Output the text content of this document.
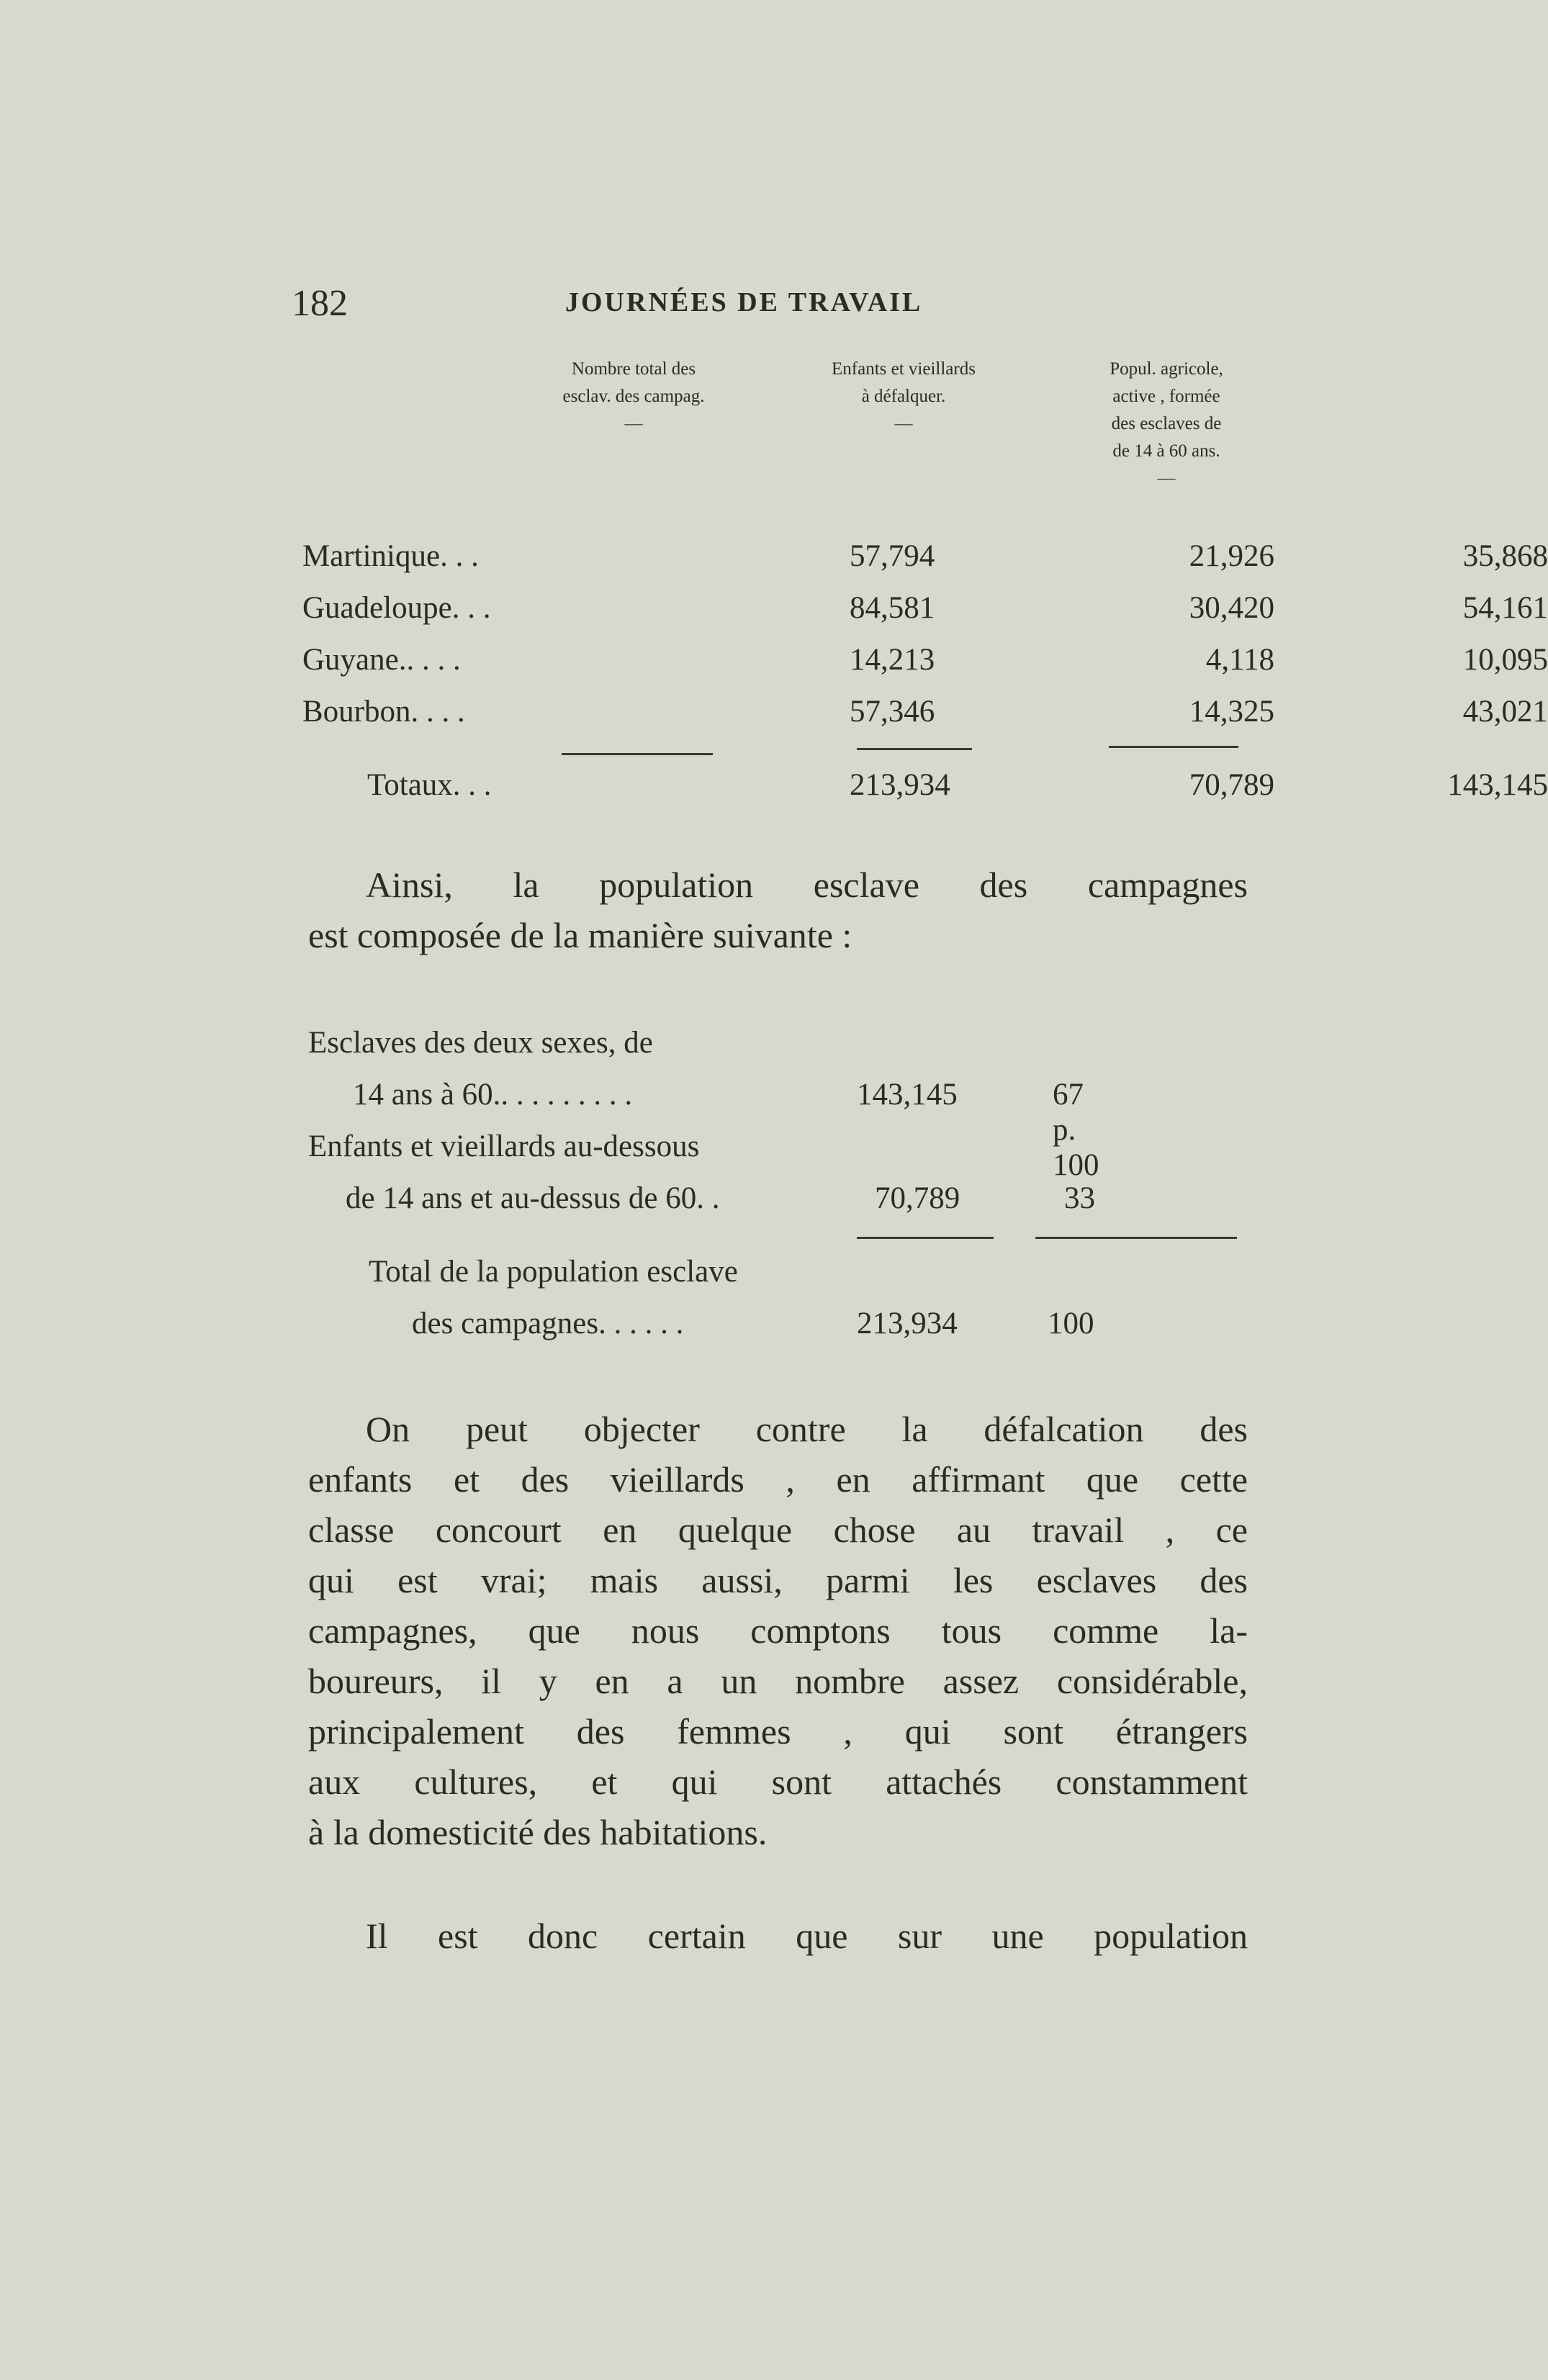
182	JOURNÉES DE TRAVAIL
Nombre total des
esclav. des campag.
—
Enfants et vieillards
à défalquer.
—
Popul. agricole,
active , formée
des esclaves de
de 14 à 60 ans.
—
Martinique. . .	57,794	21,926	35,868
Guadeloupe. . .	84,581	30,420	54,161
Guyane.. . . .	14,213	4,118	10,095
Bourbon. . . .	57,346	14,325	43,021
Totaux. . .	213,934	70,789	143,145

Ainsi, la population esclave des campagnes

est composée de la manière suivante :

Esclaves des deux sexes, de
14 ans à 60.. . . . . . . . .	143,145	67 p. 100
Enfants et vieillards au-dessous
de 14 ans et au-dessus de 60. .	70,789	33
Total de la population esclave
des campagnes. . . . . .	213,934	100

On peut objecter contre la défalcation des

enfants et des vieillards , en affirmant que cette

classe concourt en quelque chose au travail , ce

qui est vrai; mais aussi, parmi les esclaves des

campagnes, que nous comptons tous comme la-

boureurs, il y en a un nombre assez considérable,

principalement des femmes , qui sont étrangers

aux cultures, et qui sont attachés constamment

à la domesticité des habitations.

Il est donc certain que sur une population
